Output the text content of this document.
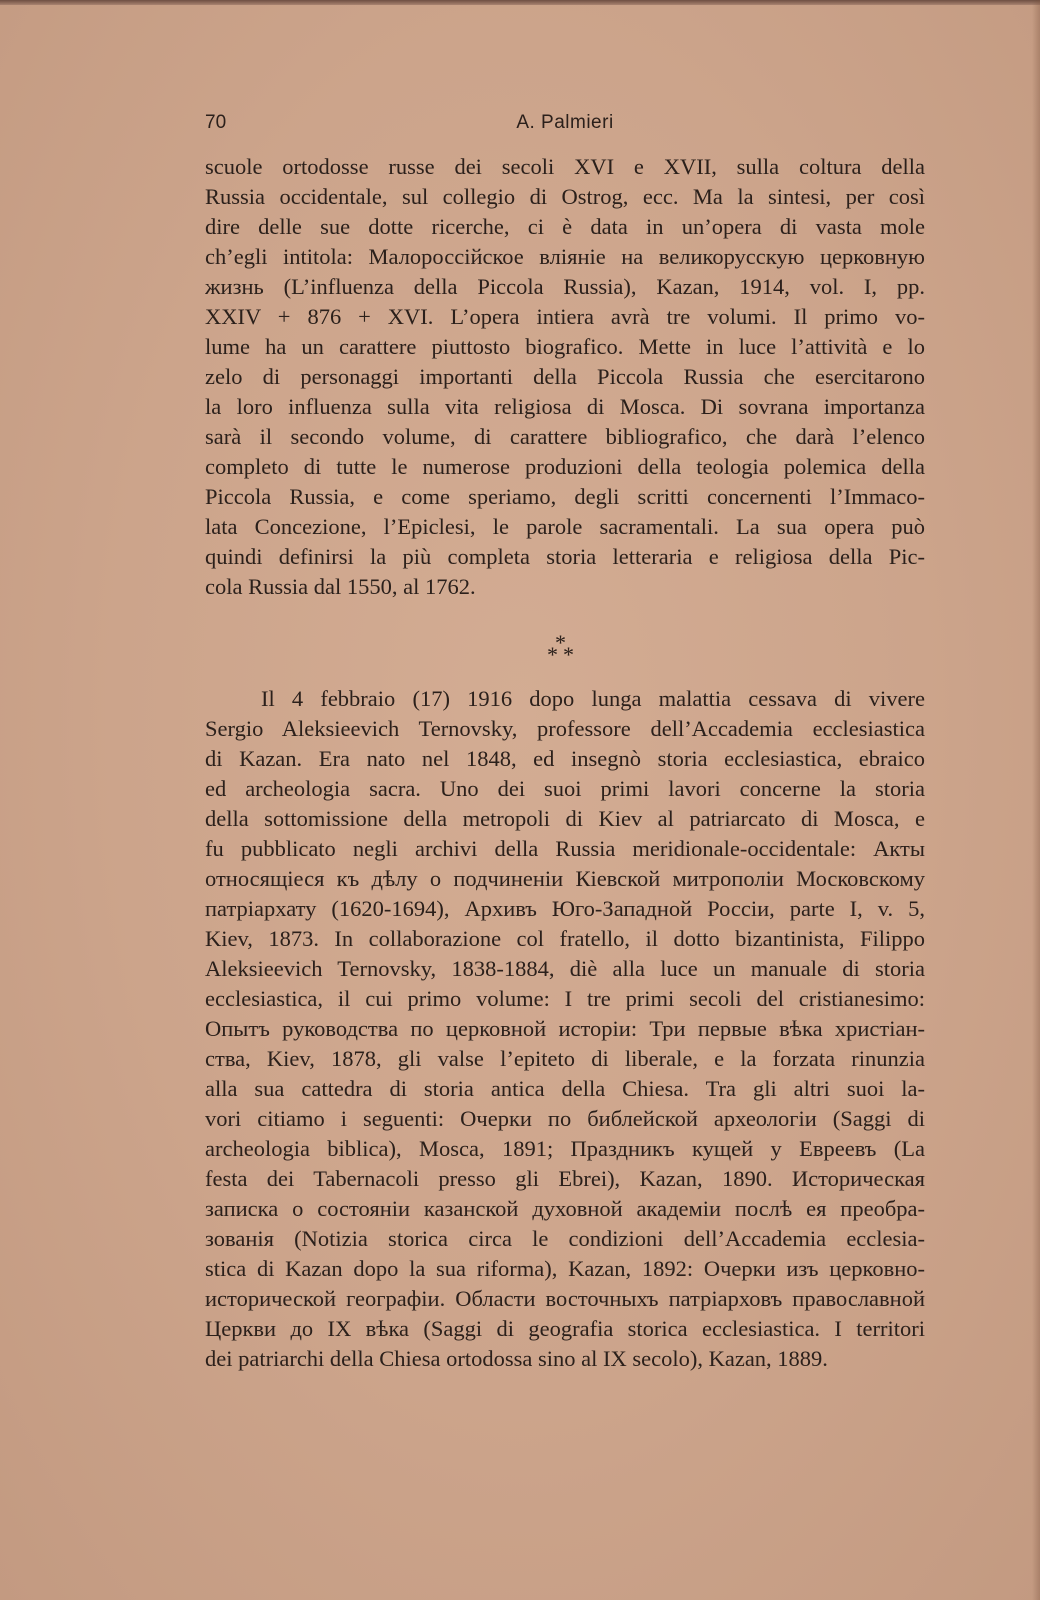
70	A. Palmieri
scuole ortodosse russe dei secoli XVI e XVII, sulla coltura della
Russia occidentale, sul collegio di Ostrog, ecc. Ma la sintesi, per così
dire delle sue dotte ricerche, ci è data in un’opera di vasta mole
ch’egli intitola: Малороссійское вліяніе на великорусскую церковную
жизнь (L’influenza della Piccola Russia), Kazan, 1914, vol. I, pp.
XXIV + 876 + XVI. L’opera intiera avrà tre volumi. Il primo vo-
lume ha un carattere piuttosto biografico. Mette in luce l’attività e lo
zelo di personaggi importanti della Piccola Russia che esercitarono
la loro influenza sulla vita religiosa di Mosca. Di sovrana importanza
sarà il secondo volume, di carattere bibliografico, che darà l’elenco
completo di tutte le numerose produzioni della teologia polemica della
Piccola Russia, e come speriamo, degli scritti concernenti l’Immaco-
lata Concezione, l’Epiclesi, le parole sacramentali. La sua opera può
quindi definirsi la più completa storia letteraria e religiosa della Pic-
cola Russia dal 1550, al 1762.
*
* *
Il 4 febbraio (17) 1916 dopo lunga malattia cessava di vivere
Sergio Aleksieevich Ternovsky, professore dell’Accademia ecclesiastica
di Kazan. Era nato nel 1848, ed insegnò storia ecclesiastica, ebraico
ed archeologia sacra. Uno dei suoi primi lavori concerne la storia
della sottomissione della metropoli di Kiev al patriarcato di Mosca, e
fu pubblicato negli archivi della Russia meridionale-occidentale: Акты
относящіеся къ дѣлу о подчиненіи Кіевской митрополіи Московскому
патріархату (1620-1694), Архивъ Юго-Западной Россіи, parte I, v. 5,
Kiev, 1873. In collaborazione col fratello, il dotto bizantinista, Filippo
Aleksieevich Ternovsky, 1838-1884, diè alla luce un manuale di storia
ecclesiastica, il cui primo volume: I tre primi secoli del cristianesimo:
Опытъ руководства по церковной исторіи: Три первые вѣка христіан-
ства, Kiev, 1878, gli valse l’epiteto di liberale, e la forzata rinunzia
alla sua cattedra di storia antica della Chiesa. Tra gli altri suoi la-
vori citiamo i seguenti: Очерки по библейской археологіи (Saggi di
archeologia biblica), Mosca, 1891; Праздникъ кущей у Евреевъ (La
festa dei Tabernacoli presso gli Ebrei), Kazan, 1890. Историческая
записка о состояніи казанской духовной академіи послѣ ея преобра-
зованія (Notizia storica circa le condizioni dell’Accademia ecclesia-
stica di Kazan dopo la sua riforma), Kazan, 1892: Очерки изъ церковно-
исторической географіи. Области восточныхъ патріарховъ православной
Церкви до IX вѣка (Saggi di geografia storica ecclesiastica. I territori
dei patriarchi della Chiesa ortodossa sino al IX secolo), Kazan, 1889.
